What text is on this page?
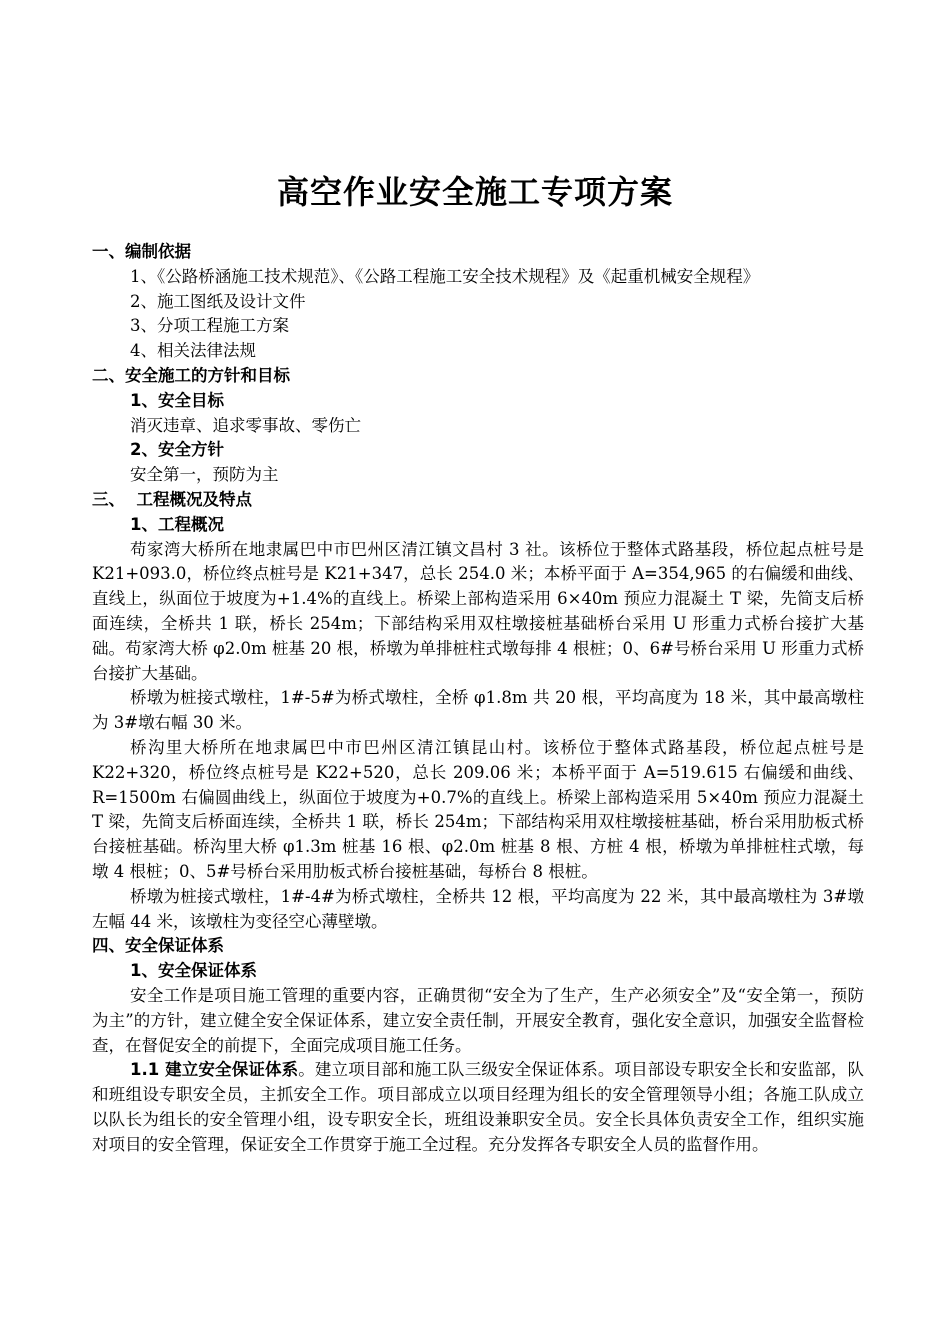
高空作业安全施工专项方案

一、编制依据

1、《公路桥涵施工技术规范》、《公路工程施工安全技术规程》及《起重机械安全规程》

2、施工图纸及设计文件

3、分项工程施工方案

4、相关法律法规

二、安全施工的方针和目标

1、安全目标

消灭违章、追求零事故、零伤亡

2、安全方针

安全第一，预防为主

三、  工程概况及特点

1、工程概况

苟家湾大桥所在地隶属巴中市巴州区清江镇文昌村 3 社。该桥位于整体式路基段，桥位起点桩号是 K21+093.0，桥位终点桩号是 K21+347，总长 254.0 米；本桥平面于 A=354,965 的右偏缓和曲线、直线上，纵面位于坡度为+1.4%的直线上。桥梁上部构造采用 6×40m 预应力混凝土 T 梁，先简支后桥面连续，全桥共 1 联，桥长 254m；下部结构采用双柱墩接桩基础桥台采用 U 形重力式桥台接扩大基础。苟家湾大桥 φ2.0m 桩基 20 根，桥墩为单排桩柱式墩每排 4 根桩；0、6#号桥台采用 U 形重力式桥台接扩大基础。

桥墩为桩接式墩柱，1#-5#为桥式墩柱，全桥 φ1.8m 共 20 根，平均高度为 18 米，其中最高墩柱为 3#墩右幅 30 米。

桥沟里大桥所在地隶属巴中市巴州区清江镇昆山村。该桥位于整体式路基段，桥位起点桩号是 K22+320，桥位终点桩号是 K22+520，总长 209.06 米；本桥平面于 A=519.615 右偏缓和曲线、R=1500m 右偏圆曲线上，纵面位于坡度为+0.7%的直线上。桥梁上部构造采用 5×40m 预应力混凝土 T 梁，先简支后桥面连续，全桥共 1 联，桥长 254m；下部结构采用双柱墩接桩基础，桥台采用肋板式桥台接桩基础。桥沟里大桥 φ1.3m 桩基 16 根、φ2.0m 桩基 8 根、方桩 4 根，桥墩为单排桩柱式墩，每墩 4 根桩；0、5#号桥台采用肋板式桥台接桩基础，每桥台 8 根桩。

桥墩为桩接式墩柱，1#-4#为桥式墩柱，全桥共 12 根，平均高度为 22 米，其中最高墩柱为 3#墩左幅 44 米，该墩柱为变径空心薄壁墩。

四、安全保证体系

1、安全保证体系

安全工作是项目施工管理的重要内容，正确贯彻“安全为了生产，生产必须安全”及“安全第一，预防为主”的方针，建立健全安全保证体系，建立安全责任制，开展安全教育，强化安全意识，加强安全监督检查，在督促安全的前提下，全面完成项目施工任务。

1.1 建立安全保证体系。建立项目部和施工队三级安全保证体系。项目部设专职安全长和安监部，队和班组设专职安全员，主抓安全工作。项目部成立以项目经理为组长的安全管理领导小组；各施工队成立以队长为组长的安全管理小组，设专职安全长，班组设兼职安全员。安全长具体负责安全工作，组织实施对项目的安全管理，保证安全工作贯穿于施工全过程。充分发挥各专职安全人员的监督作用。
